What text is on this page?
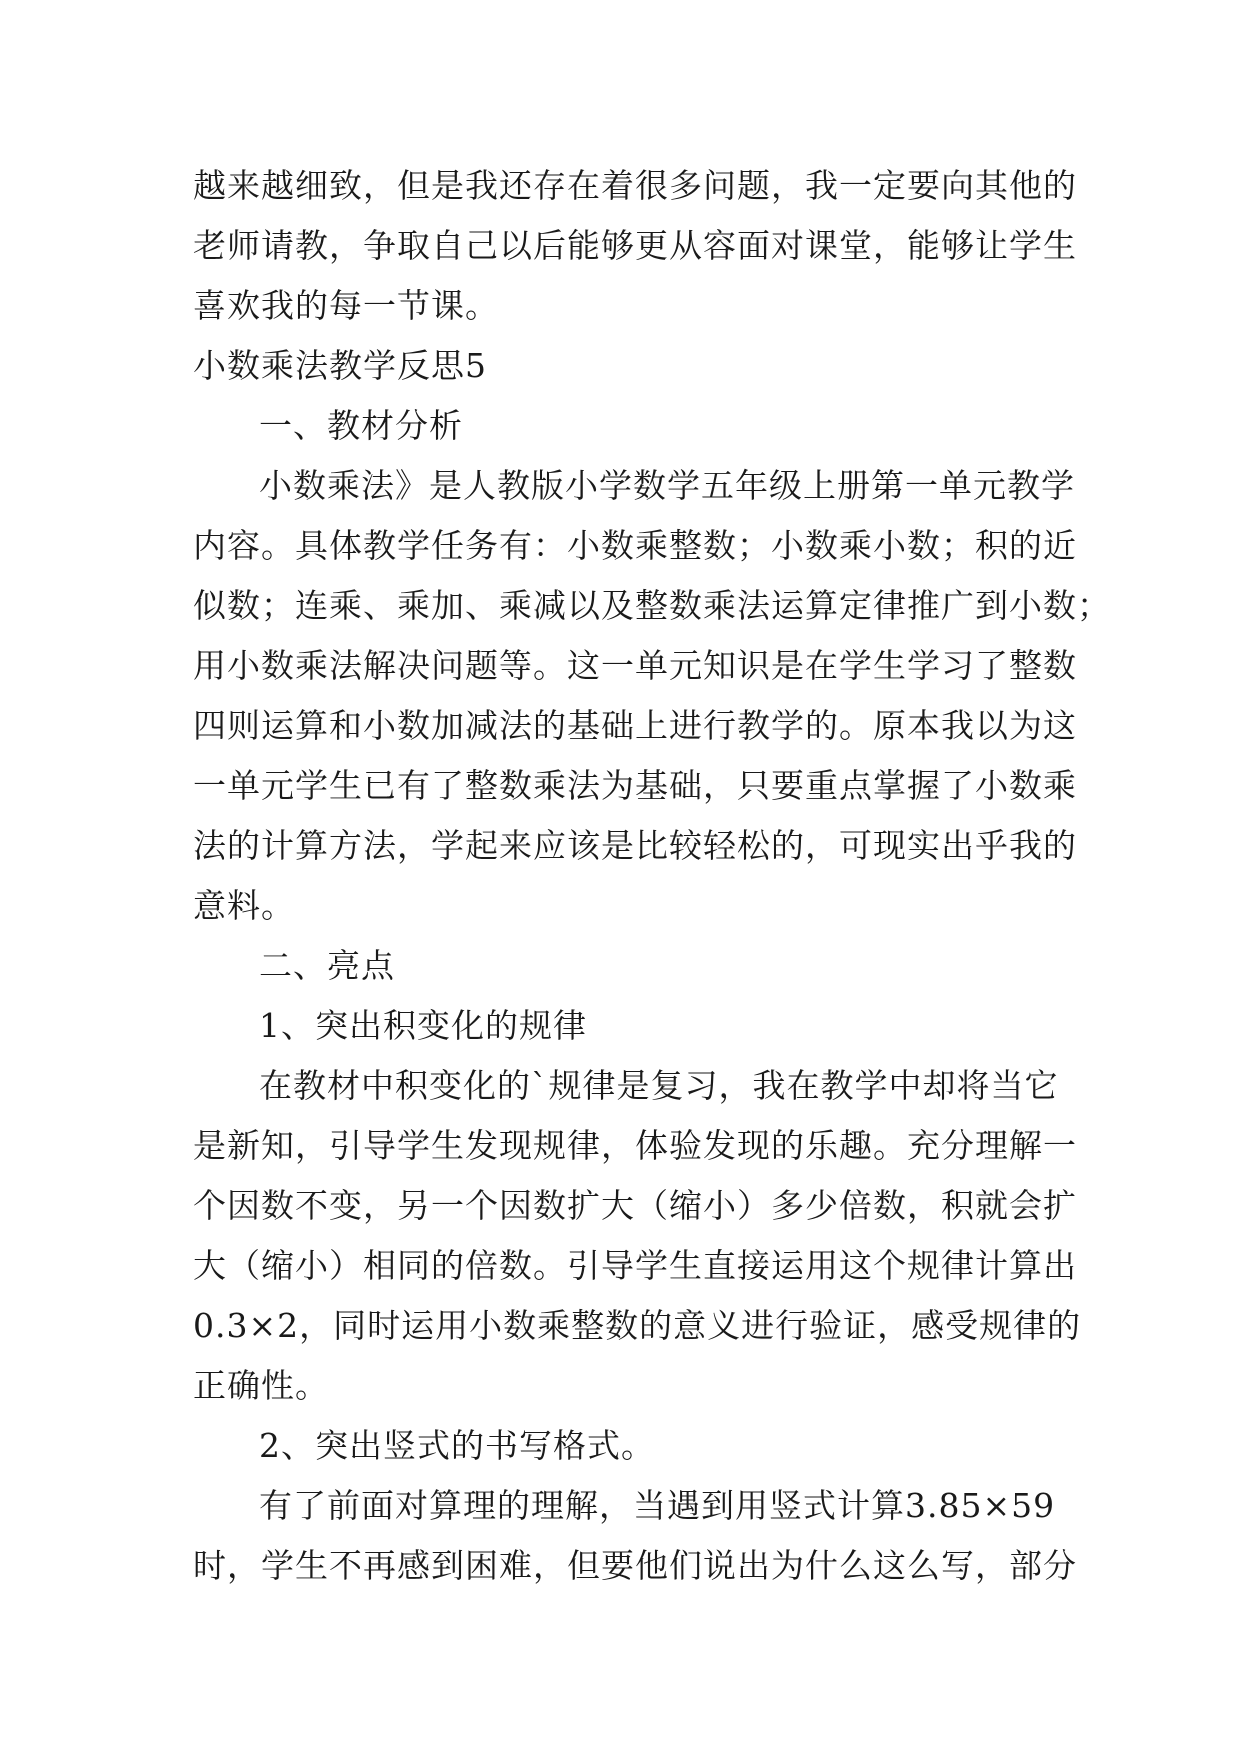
越来越细致，但是我还存在着很多问题，我一定要向其他的
老师请教，争取自己以后能够更从容面对课堂，能够让学生
喜欢我的每一节课。
小数乘法教学反思5
一、教材分析
小数乘法》是人教版小学数学五年级上册第一单元教学
内容。具体教学任务有：小数乘整数；小数乘小数；积的近
似数；连乘、乘加、乘减以及整数乘法运算定律推广到小数；
用小数乘法解决问题等。这一单元知识是在学生学习了整数
四则运算和小数加减法的基础上进行教学的。原本我以为这
一单元学生已有了整数乘法为基础，只要重点掌握了小数乘
法的计算方法，学起来应该是比较轻松的，可现实出乎我的
意料。
二、亮点
1、突出积变化的规律
在教材中积变化的`规律是复习，我在教学中却将当它
是新知，引导学生发现规律，体验发现的乐趣。充分理解一
个因数不变，另一个因数扩大（缩小）多少倍数，积就会扩
大（缩小）相同的倍数。引导学生直接运用这个规律计算出
0.3×2，同时运用小数乘整数的意义进行验证，感受规律的
正确性。
2、突出竖式的书写格式。
有了前面对算理的理解，当遇到用竖式计算3.85×59
时，学生不再感到困难，但要他们说出为什么这么写，部分
